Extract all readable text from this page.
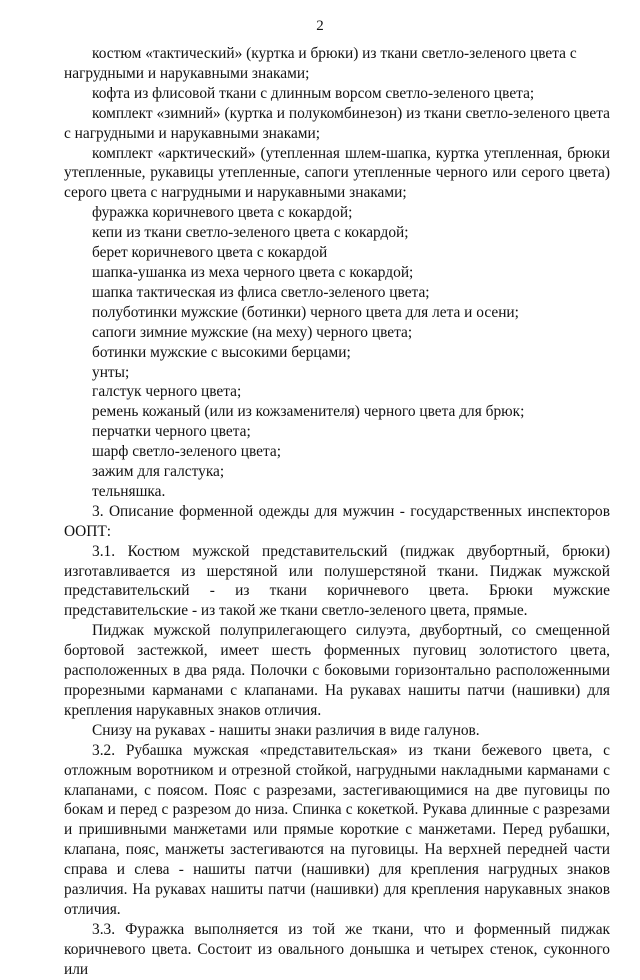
2

костюм «тактический» (куртка и брюки) из ткани светло-зеленого цвета с нагрудными и нарукавными знаками;

кофта из флисовой ткани с длинным ворсом светло-зеленого цвета;

комплект «зимний» (куртка и полукомбинезон) из ткани светло-зеленого цвета с нагрудными и нарукавными знаками;

комплект «арктический» (утепленная шлем-шапка, куртка утепленная, брюки утепленные, рукавицы утепленные, сапоги утепленные черного или серого цвета) серого цвета с нагрудными и нарукавными знаками;

фуражка коричневого цвета с кокардой;

кепи из ткани светло-зеленого цвета с кокардой;

берет коричневого цвета с кокардой

шапка-ушанка из меха черного цвета с кокардой;

шапка тактическая из флиса светло-зеленого цвета;

полуботинки мужские (ботинки) черного цвета для лета и осени;

сапоги зимние мужские (на меху) черного цвета;

ботинки мужские с высокими берцами;

унты;

галстук черного цвета;

ремень кожаный (или из кожзаменителя) черного цвета для брюк;

перчатки черного цвета;

шарф светло-зеленого цвета;

зажим для галстука;

тельняшка.

3. Описание форменной одежды для мужчин - государственных инспекторов ООПТ:

3.1. Костюм мужской представительский (пиджак двубортный, брюки) изготавливается из шерстяной или полушерстяной ткани. Пиджак мужской представительский - из ткани коричневого цвета. Брюки мужские представительские - из такой же ткани светло-зеленого цвета, прямые.

Пиджак мужской полуприлегающего силуэта, двубортный, со смещенной бортовой застежкой, имеет шесть форменных пуговиц золотистого цвета, расположенных в два ряда. Полочки с боковыми горизонтально расположенными прорезными карманами с клапанами. На рукавах нашиты патчи (нашивки) для крепления нарукавных знаков отличия.

Снизу на рукавах - нашиты знаки различия в виде галунов.

3.2. Рубашка мужская «представительская» из ткани бежевого цвета, с отложным воротником и отрезной стойкой, нагрудными накладными карманами с клапанами, с поясом. Пояс с разрезами, застегивающимися на две пуговицы по бокам и перед с разрезом до низа. Спинка с кокеткой. Рукава длинные с разрезами и пришивными манжетами или прямые короткие с манжетами. Перед рубашки, клапана, пояс, манжеты застегиваются на пуговицы. На верхней передней части справа и слева - нашиты патчи (нашивки) для крепления нагрудных знаков различия. На рукавах нашиты патчи (нашивки) для крепления нарукавных знаков отличия.

3.3. Фуражка выполняется из той же ткани, что и форменный пиджак коричневого цвета. Состоит из овального донышка и четырех стенок, суконного или
